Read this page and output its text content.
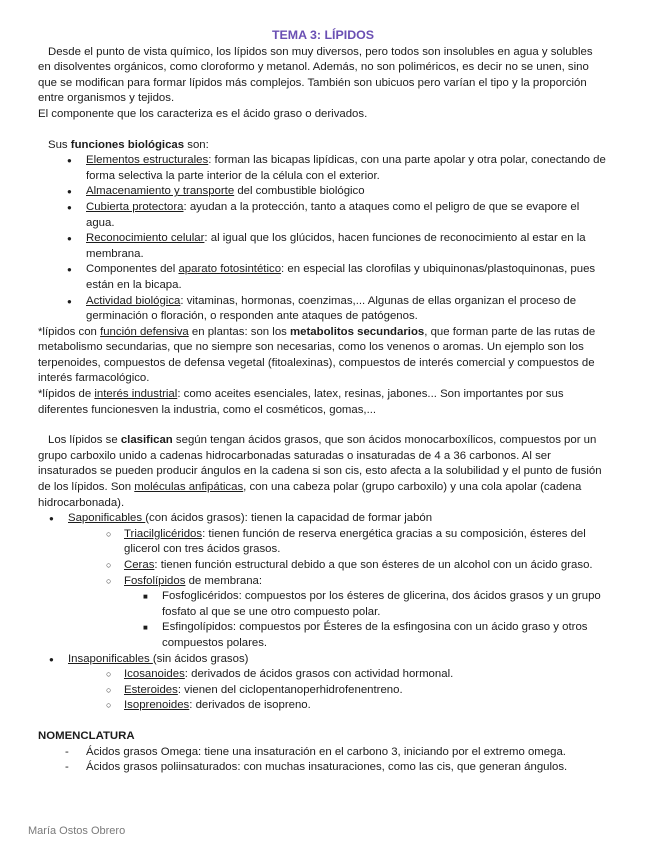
TEMA 3: LÍPIDOS

Desde el punto de vista químico, los lípidos son muy diversos, pero todos son insolubles en agua y solubles en disolventes orgánicos, como cloroformo y metanol. Además, no son poliméricos, es decir no se unen, sino que se modifican para formar lípidos más complejos. También son ubicuos pero varían el tipo y la proporción entre organismos y tejidos.

El componente que los caracteriza es el ácido graso o derivados.

Sus funciones biológicas son:

● Elementos estructurales: forman las bicapas lipídicas, con una parte apolar y otra polar, conectando de forma selectiva la parte interior de la célula con el exterior.
● Almacenamiento y transporte del combustible biológico
● Cubierta protectora: ayudan a la protección, tanto a ataques como el peligro de que se evapore el agua.
● Reconocimiento celular: al igual que los glúcidos, hacen funciones de reconocimiento al estar en la membrana.
● Componentes del aparato fotosintético: en especial las clorofilas y ubiquinonas/plastoquinonas, pues están en la bicapa.
● Actividad biológica: vitaminas, hormonas, coenzimas,... Algunas de ellas organizan el proceso de germinación o floración, o responden ante ataques de patógenos.

*lípidos con función defensiva en plantas: son los metabolitos secundarios, que forman parte de las rutas de metabolismo secundarias, que no siempre son necesarias, como los venenos o aromas. Un ejemplo son los terpenoides, compuestos de defensa vegetal (fitoalexinas), compuestos de interés comercial y compuestos de interés farmacológico.

*lípidos de interés industrial: como aceites esenciales, latex, resinas, jabones... Son importantes por sus diferentes funcionesven la industria, como el cosméticos, gomas,...

Los lípidos se clasifican según tengan ácidos grasos, que son ácidos monocarboxílicos, compuestos por un grupo carboxilo unido a cadenas hidrocarbonadas saturadas o insaturadas de 4 a 36 carbonos. Al ser insaturados se pueden producir ángulos en la cadena si son cis, esto afecta a la solubilidad y el punto de fusión de los lípidos. Son moléculas anfipáticas, con una cabeza polar (grupo carboxilo) y una cola apolar (cadena hidrocarbonada).

● Saponificables (con ácidos grasos): tienen la capacidad de formar jabón
○ Triacilglicéridos: tienen función de reserva energética gracias a su composición, ésteres del glicerol con tres ácidos grasos.
○ Ceras: tienen función estructural debido a que son ésteres de un alcohol con un ácido graso.
○ Fosfolípidos de membrana:
■ Fosfoglicéridos: compuestos por los ésteres de glicerina, dos ácidos grasos y un grupo fosfato al que se une otro compuesto polar.
■ Esfingolípidos: compuestos por Ésteres de la esfingosina con un ácido graso y otros compuestos polares.
● Insaponificables (sin ácidos grasos)
○ Icosanoides: derivados de ácidos grasos con actividad hormonal.
○ Esteroides: vienen del ciclopentanoperhidrofenentreno.
○ Isoprenoides: derivados de isopreno.

NOMENCLATURA

- Ácidos grasos Omega: tiene una insaturación en el carbono 3, iniciando por el extremo omega.
- Ácidos grasos poliinsaturados: con muchas insaturaciones, como las cis, que generan ángulos.
María Ostos Obrero
